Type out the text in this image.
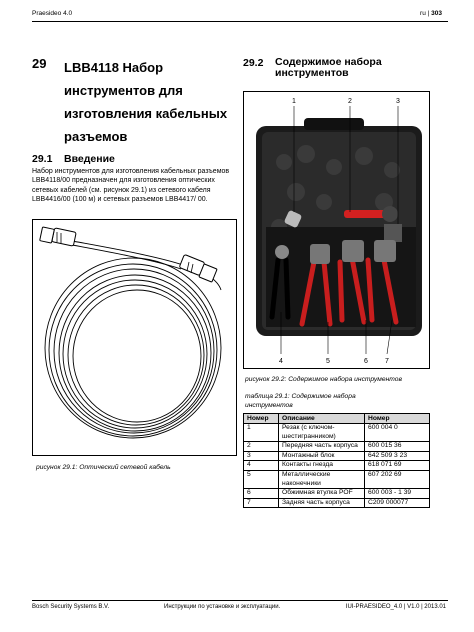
Praesideo 4.0	ru | 303
29 LBB4118 Набор инструментов для изготовления кабельных разъемов
29.1 Введение
Набор инструментов для изготовления кабельных разъемов LBB4118/00 предназначен для изготовления оптических сетевых кабелей (см. рисунок 29.1) из сетевого кабеля LBB4416/00 (100 м) и сетевых разъемов LBB4417/ 00.
рисунок 29.1: Оптический сетевой кабель
29.2 Содержимое набора инструментов
1	2	3
4	5	6 7
рисунок 29.2: Содержимое набора инструментов
таблица 29.1: Содержимое набора инструментов
Номер	Описание	Номер
1	Резак (с ключом-шестигранником)	600 004 0
2	Передняя часть корпуса	600 015 36
3	Монтажный блок	642 509 3 23
4	Контакты гнезда	618 071 69
5	Металлические наконечники	607 202 69
6	Обжимная втулка POF	600 003 - 1 39
7	Задняя часть корпуса	C209 000077
Bosch Security Systems B.V.	Инструкции по установке и эксплуатации.	IUI-PRAESIDEO_4.0 | V1.0 | 2013.01
